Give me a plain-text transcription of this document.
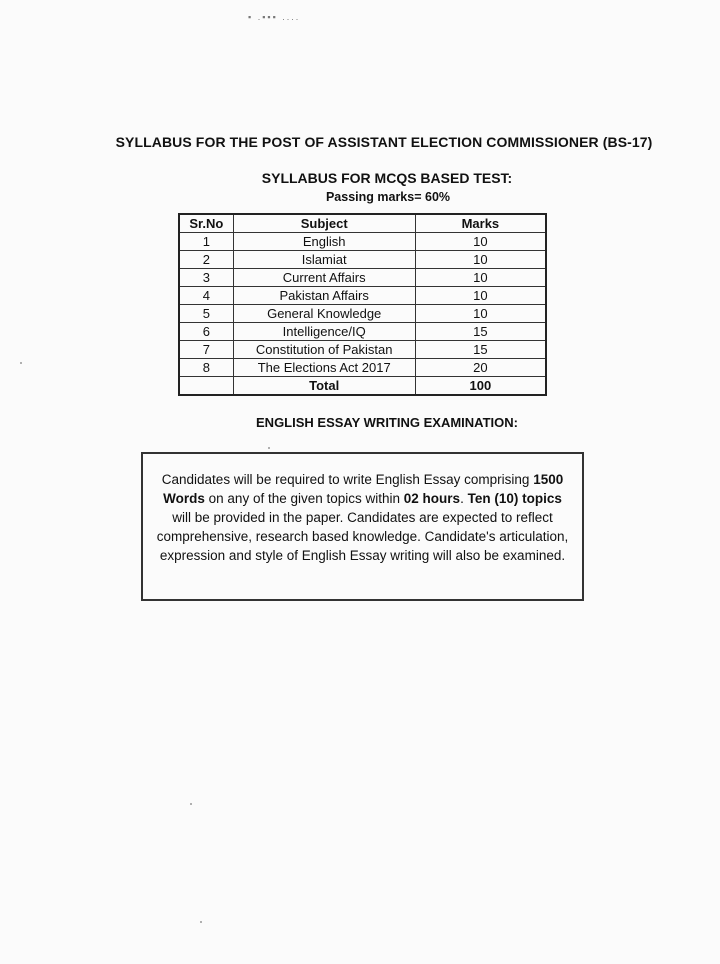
▪ .▪▪▪ ....
SYLLABUS FOR THE POST OF ASSISTANT ELECTION COMMISSIONER (BS-17)
SYLLABUS FOR MCQS BASED TEST:
Passing marks= 60%
Sr.No	Subject	Marks
1	English	10
2	Islamiat	10
3	Current Affairs	10
4	Pakistan Affairs	10
5	General Knowledge	10
6	Intelligence/IQ	15
7	Constitution of Pakistan	15
8	The Elections Act 2017	20
	Total	100
ENGLISH ESSAY WRITING EXAMINATION:
Candidates will be required to write English Essay comprising 1500 Words on any of the given topics within 02 hours. Ten (10) topics will be provided in the paper. Candidates are expected to reflect comprehensive, research based knowledge. Candidate's articulation, expression and style of English Essay writing will also be examined.
